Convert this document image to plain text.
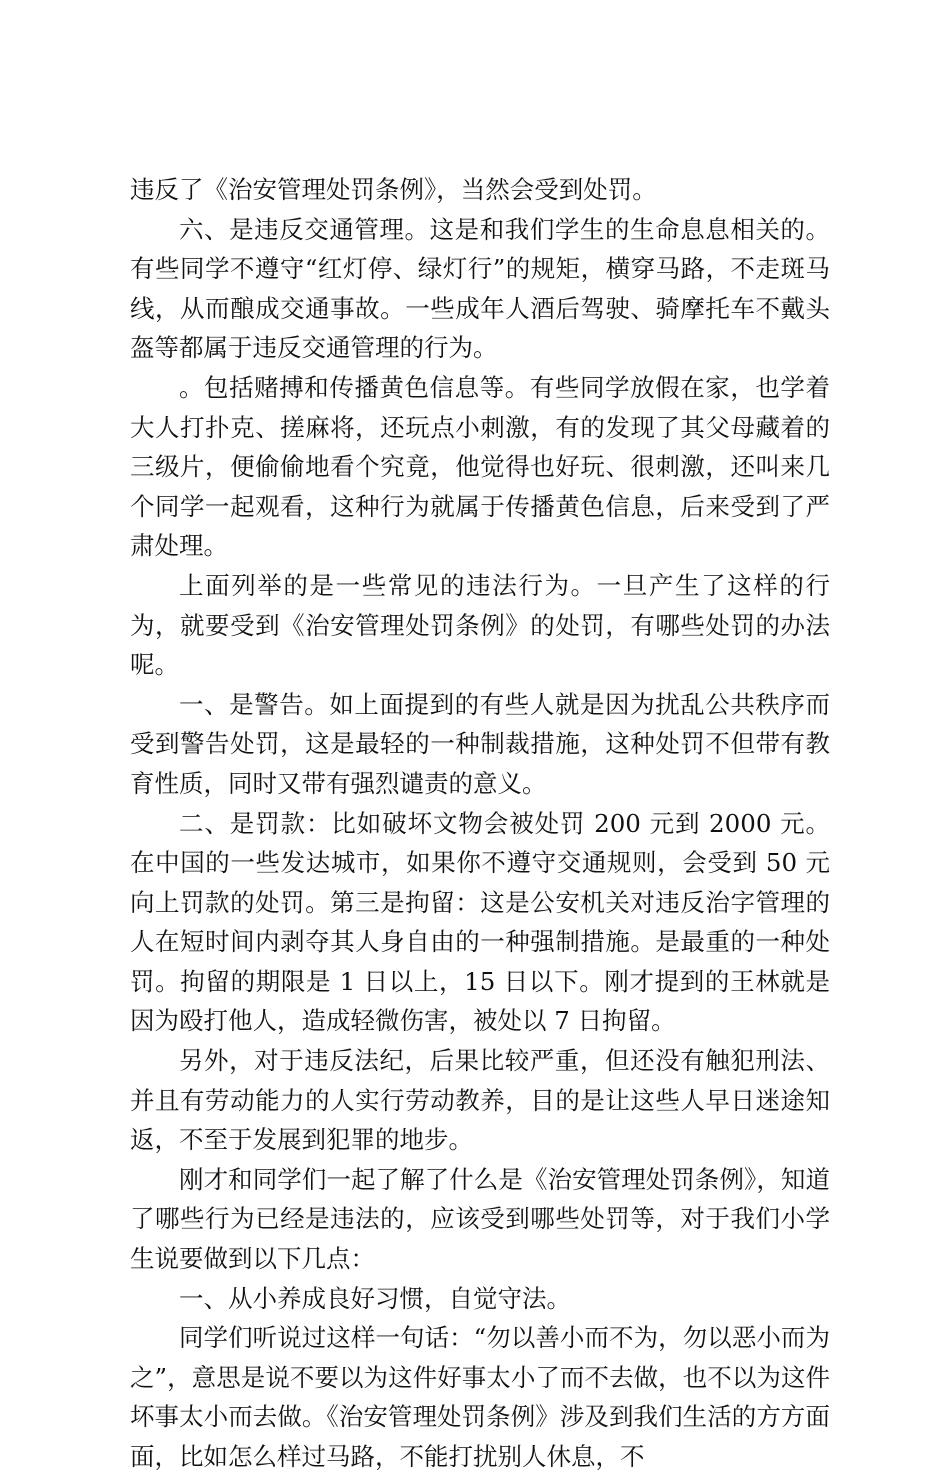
违反了《治安管理处罚条例》，当然会受到处罚。

六、是违反交通管理。这是和我们学生的生命息息相关的。有些同学不遵守“红灯停、绿灯行”的规矩，横穿马路，不走斑马线，从而酿成交通事故。一些成年人酒后驾驶、骑摩托车不戴头盔等都属于违反交通管理的行为。

。包括赌搏和传播黄色信息等。有些同学放假在家，也学着大人打扑克、搓麻将，还玩点小刺激，有的发现了其父母藏着的三级片，便偷偷地看个究竟，他觉得也好玩、很刺激，还叫来几个同学一起观看，这种行为就属于传播黄色信息，后来受到了严肃处理。

上面列举的是一些常见的违法行为。一旦产生了这样的行为，就要受到《治安管理处罚条例》的处罚，有哪些处罚的办法呢。

一、是警告。如上面提到的有些人就是因为扰乱公共秩序而受到警告处罚，这是最轻的一种制裁措施，这种处罚不但带有教育性质，同时又带有强烈谴责的意义。

二、是罚款：比如破坏文物会被处罚 200 元到 2000 元。在中国的一些发达城市，如果你不遵守交通规则，会受到 50 元向上罚款的处罚。第三是拘留：这是公安机关对违反治字管理的人在短时间内剥夺其人身自由的一种强制措施。是最重的一种处罚。拘留的期限是 1 日以上，15 日以下。刚才提到的王林就是因为殴打他人，造成轻微伤害，被处以 7 日拘留。

另外，对于违反法纪，后果比较严重，但还没有触犯刑法、并且有劳动能力的人实行劳动教养，目的是让这些人早日迷途知返，不至于发展到犯罪的地步。

刚才和同学们一起了解了什么是《治安管理处罚条例》，知道了哪些行为已经是违法的，应该受到哪些处罚等，对于我们小学生说要做到以下几点：

一、从小养成良好习惯，自觉守法。

同学们听说过这样一句话：“勿以善小而不为，勿以恶小而为之”，意思是说不要以为这件好事太小了而不去做，也不以为这件坏事太小而去做。《治安管理处罚条例》涉及到我们生活的方方面面，比如怎么样过马路，不能打扰别人休息，不
